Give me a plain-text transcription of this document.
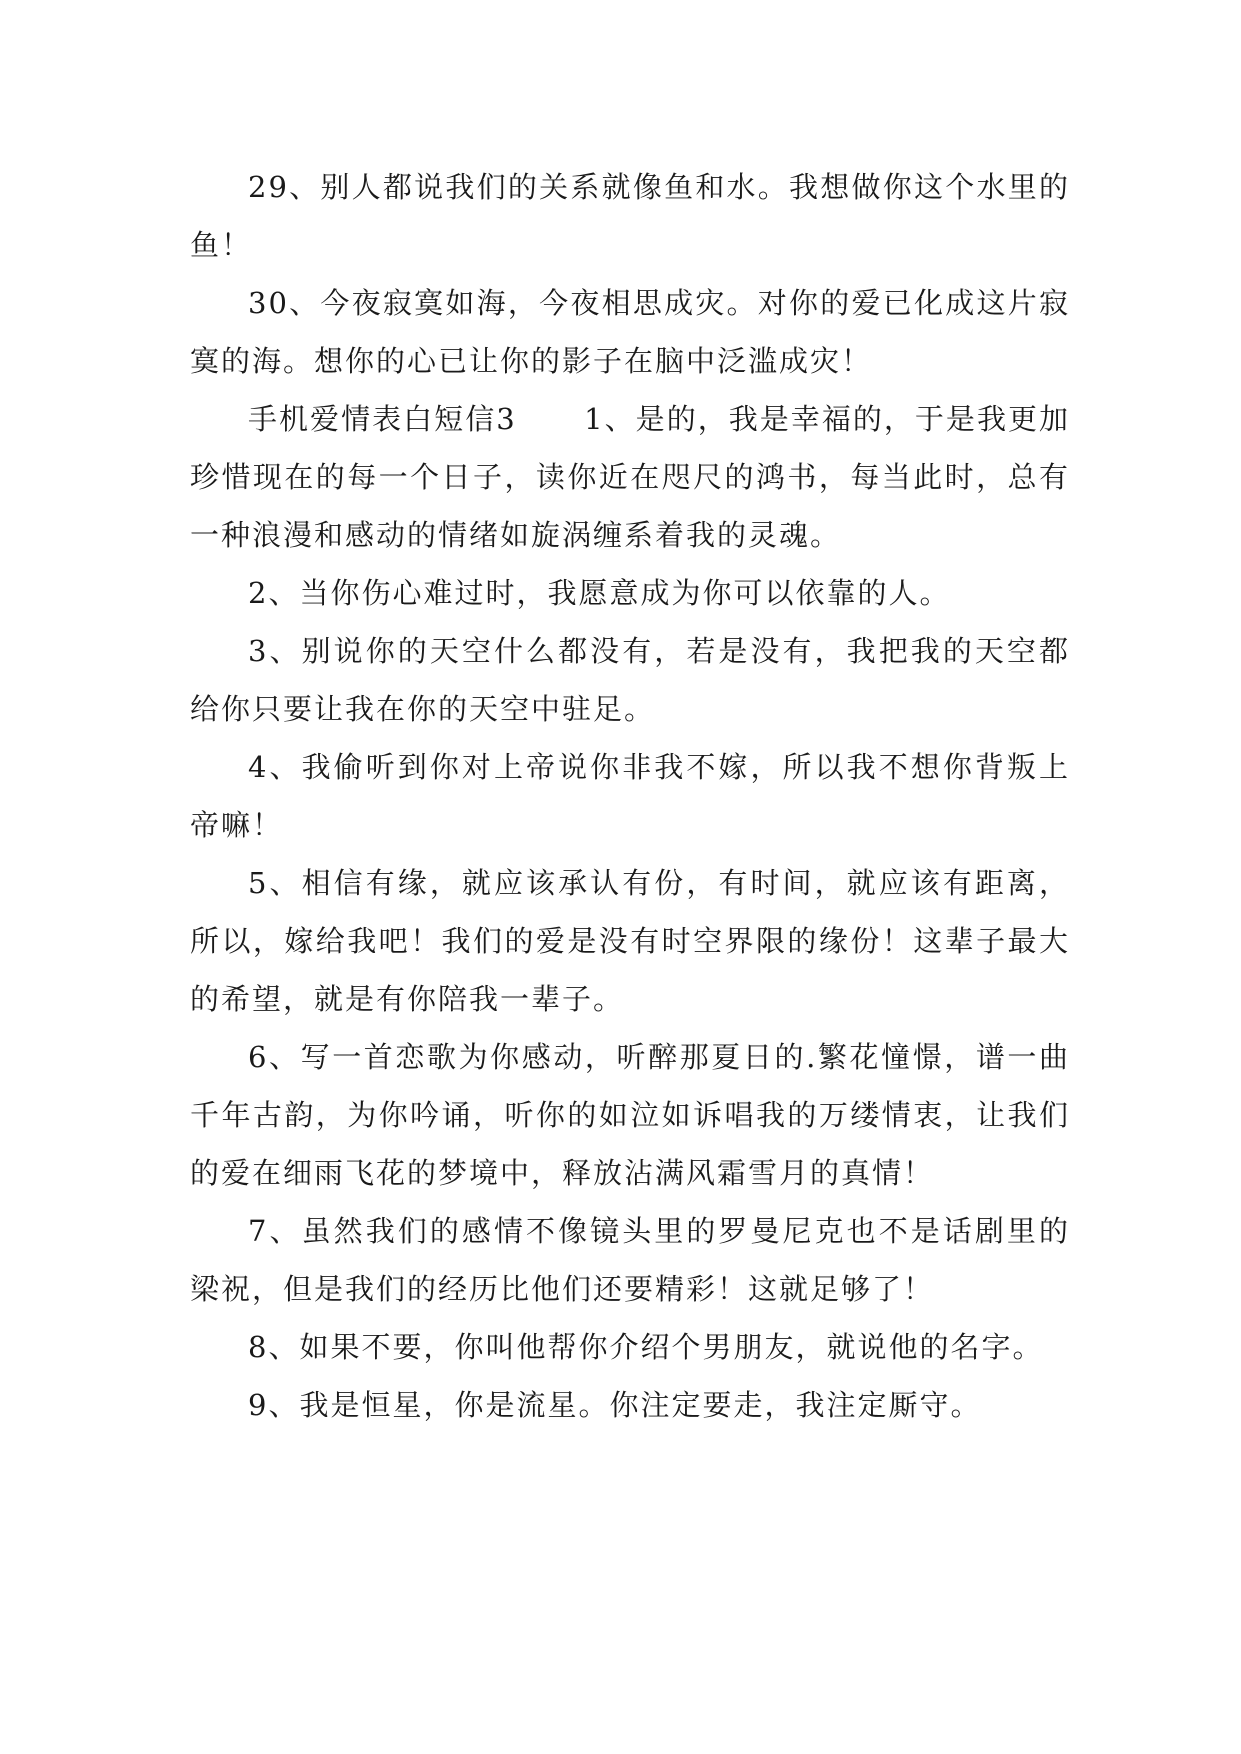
29、别人都说我们的关系就像鱼和水。我想做你这个水里的鱼！

30、今夜寂寞如海，今夜相思成灾。对你的爱已化成这片寂寞的海。想你的心已让你的影子在脑中泛滥成灾！

手机爱情表白短信3 1、是的，我是幸福的，于是我更加珍惜现在的每一个日子，读你近在咫尺的鸿书，每当此时，总有一种浪漫和感动的情绪如旋涡缠系着我的灵魂。

2、当你伤心难过时，我愿意成为你可以依靠的人。

3、别说你的天空什么都没有，若是没有，我把我的天空都给你只要让我在你的天空中驻足。

4、我偷听到你对上帝说你非我不嫁，所以我不想你背叛上帝嘛！

5、相信有缘，就应该承认有份，有时间，就应该有距离，所以，嫁给我吧！我们的爱是没有时空界限的缘份！这辈子最大的希望，就是有你陪我一辈子。

6、写一首恋歌为你感动，听醉那夏日的.繁花憧憬，谱一曲千年古韵，为你吟诵，听你的如泣如诉唱我的万缕情衷，让我们的爱在细雨飞花的梦境中，释放沾满风霜雪月的真情！

7、虽然我们的感情不像镜头里的罗曼尼克也不是话剧里的梁祝，但是我们的经历比他们还要精彩！这就足够了！

8、如果不要，你叫他帮你介绍个男朋友，就说他的名字。

9、我是恒星，你是流星。你注定要走，我注定厮守。
